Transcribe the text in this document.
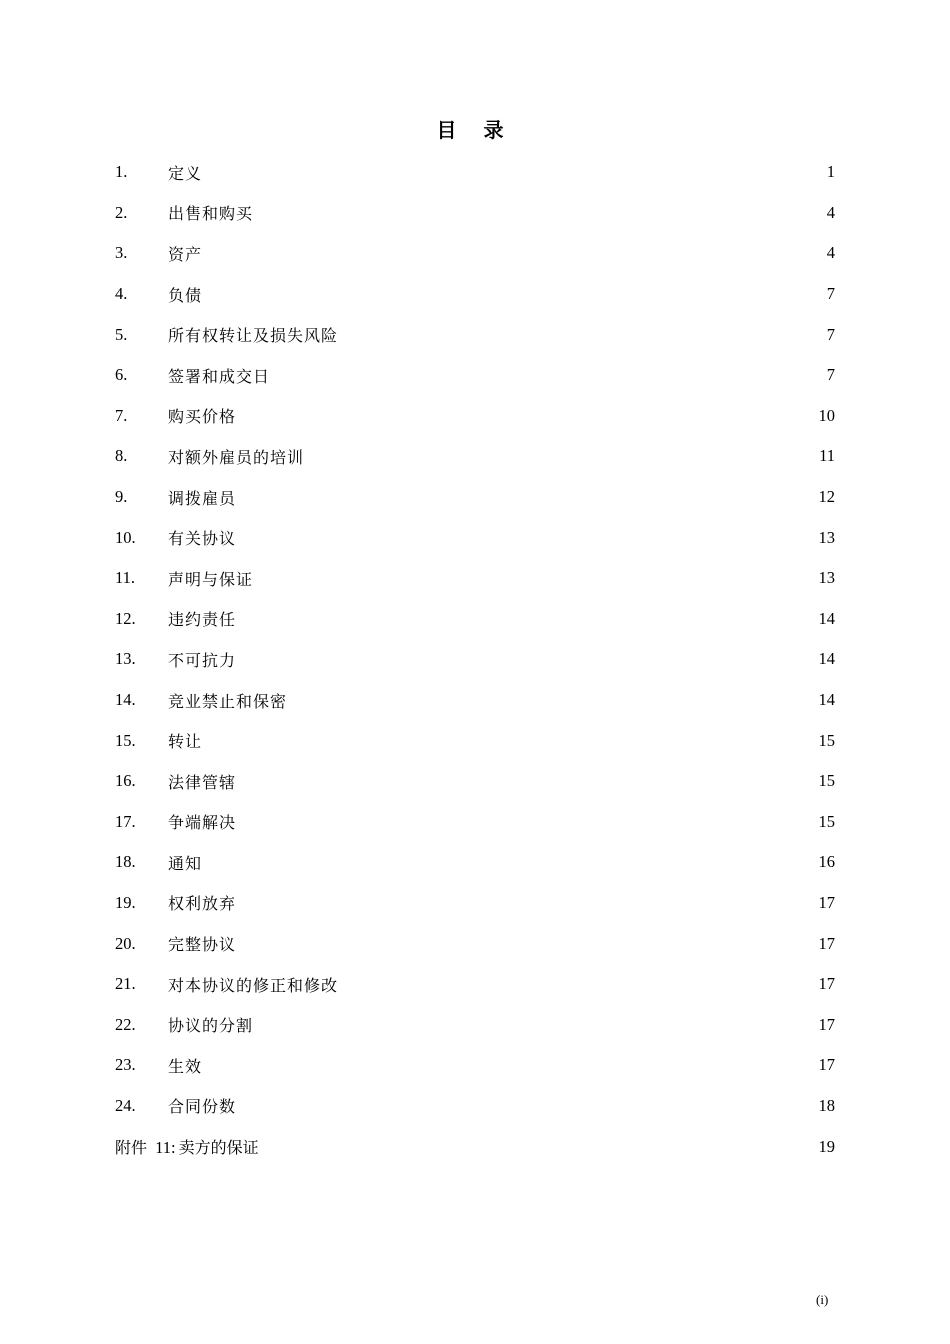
目 录
1.	定义	1
2.	出售和购买	4
3.	资产	4
4.	负债	7
5.	所有权转让及损失风险	7
6.	签署和成交日	7
7.	购买价格	10
8.	对额外雇员的培训	11
9.	调拨雇员	12
10.	有关协议	13
11.	声明与保证	13
12.	违约责任	14
13.	不可抗力	14
14.	竞业禁止和保密	14
15.	转让	15
16.	法律管辖	15
17.	争端解决	15
18.	通知	16
19.	权利放弃	17
20.	完整协议	17
21.	对本协议的修正和修改	17
22.	协议的分割	17
23.	生效	17
24.	合同份数	18
附件 11: 卖方的保证	19
(i)
